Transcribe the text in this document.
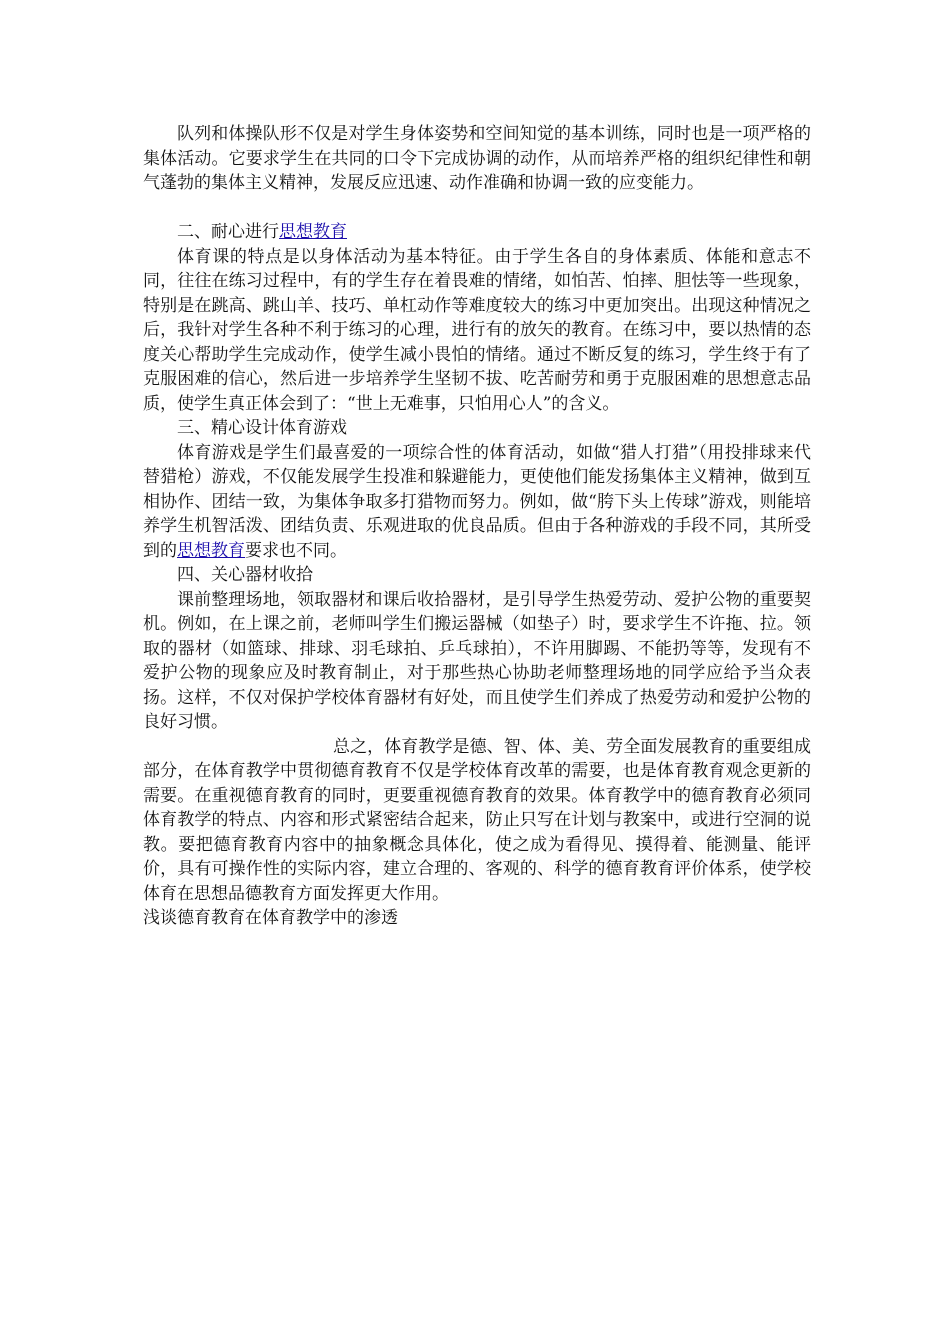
队列和体操队形不仅是对学生身体姿势和空间知觉的基本训练，同时也是一项严格的集体活动。它要求学生在共同的口令下完成协调的动作，从而培养严格的组织纪律性和朝气蓬勃的集体主义精神，发展反应迅速、动作准确和协调一致的应变能力。

二、耐心进行思想教育

体育课的特点是以身体活动为基本特征。由于学生各自的身体素质、体能和意志不同，往往在练习过程中，有的学生存在着畏难的情绪，如怕苦、怕摔、胆怯等一些现象，特别是在跳高、跳山羊、技巧、单杠动作等难度较大的练习中更加突出。出现这种情况之后，我针对学生各种不利于练习的心理，进行有的放矢的教育。在练习中，要以热情的态度关心帮助学生完成动作，使学生减小畏怕的情绪。通过不断反复的练习，学生终于有了克服困难的信心，然后进一步培养学生坚韧不拔、吃苦耐劳和勇于克服困难的思想意志品质，使学生真正体会到了：“世上无难事，只怕用心人”的含义。

三、精心设计体育游戏

体育游戏是学生们最喜爱的一项综合性的体育活动，如做“猎人打猎”（用投排球来代替猎枪）游戏，不仅能发展学生投准和躲避能力，更使他们能发扬集体主义精神，做到互相协作、团结一致，为集体争取多打猎物而努力。例如，做“胯下头上传球”游戏，则能培养学生机智活泼、团结负责、乐观进取的优良品质。但由于各种游戏的手段不同，其所受到的思想教育要求也不同。

四、关心器材收拾

课前整理场地，领取器材和课后收拾器材，是引导学生热爱劳动、爱护公物的重要契机。例如，在上课之前，老师叫学生们搬运器械（如垫子）时，要求学生不许拖、拉。领取的器材（如篮球、排球、羽毛球拍、乒乓球拍），不许用脚踢、不能扔等等，发现有不爱护公物的现象应及时教育制止，对于那些热心协助老师整理场地的同学应给予当众表扬。这样，不仅对保护学校体育器材有好处，而且使学生们养成了热爱劳动和爱护公物的良好习惯。

总之，体育教学是德、智、体、美、劳全面发展教育的重要组成部分，在体育教学中贯彻德育教育不仅是学校体育改革的需要，也是体育教育观念更新的需要。在重视德育教育的同时，更要重视德育教育的效果。体育教学中的德育教育必须同体育教学的特点、内容和形式紧密结合起来，防止只写在计划与教案中，或进行空洞的说教。要把德育教育内容中的抽象概念具体化，使之成为看得见、摸得着、能测量、能评价，具有可操作性的实际内容，建立合理的、客观的、科学的德育教育评价体系，使学校体育在思想品德教育方面发挥更大作用。

浅谈德育教育在体育教学中的渗透
